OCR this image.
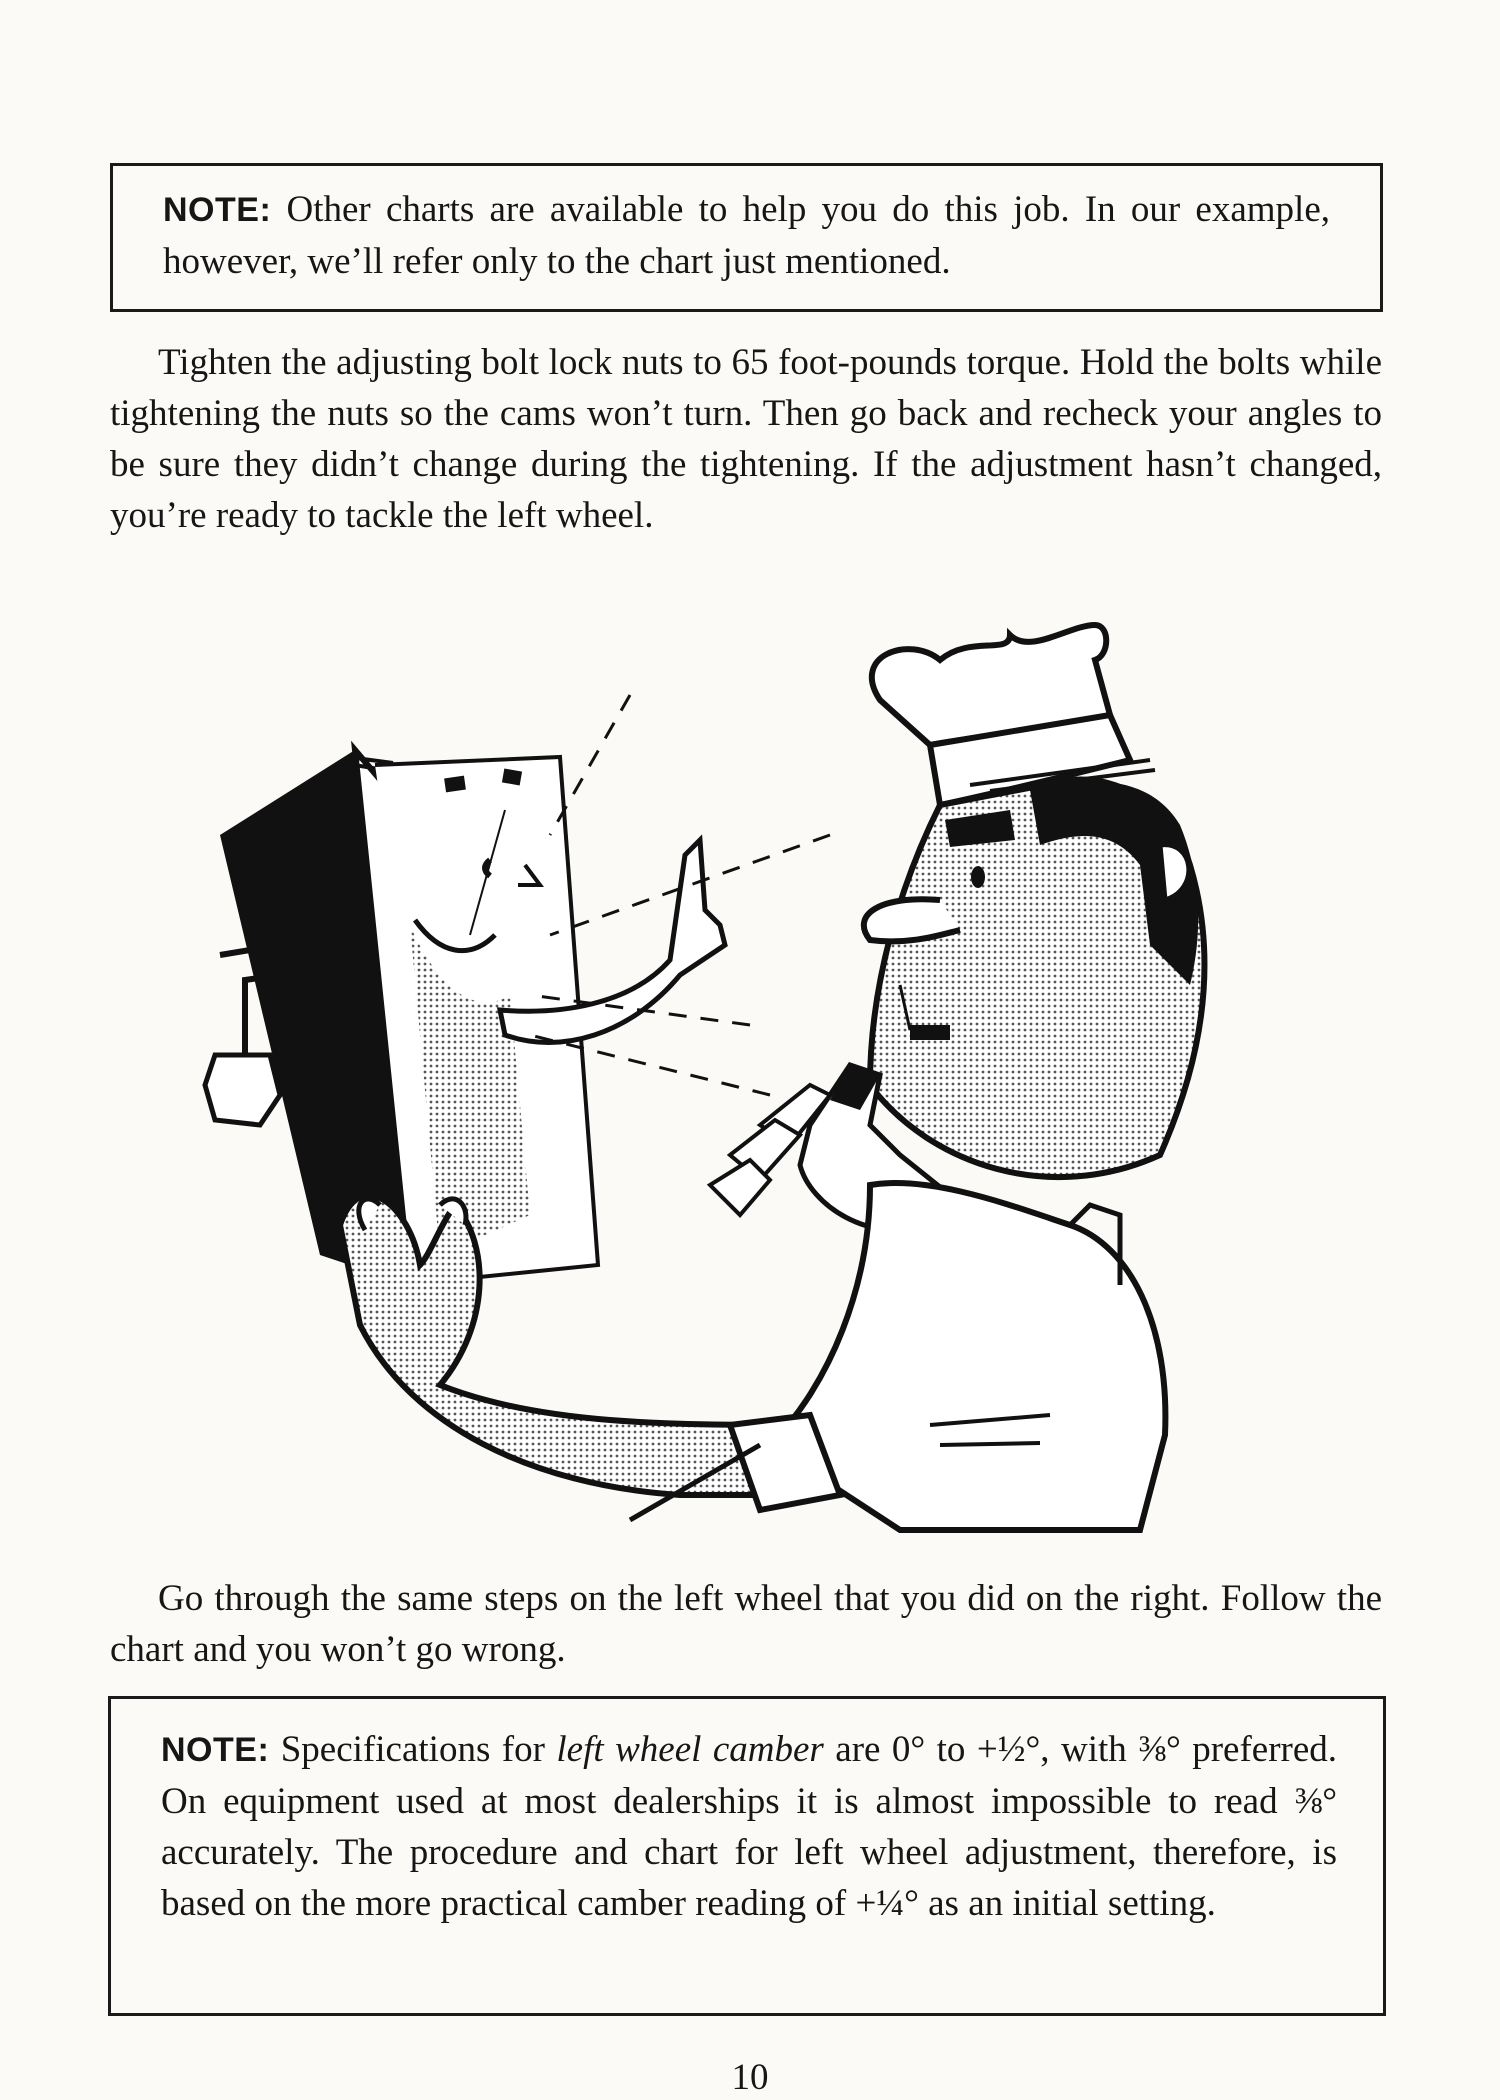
NOTE: Other charts are available to help you do this job. In our example, however, we’ll refer only to the chart just mentioned.

Tighten the adjusting bolt lock nuts to 65 foot-pounds torque. Hold the bolts while tightening the nuts so the cams won’t turn. Then go back and recheck your angles to be sure they didn’t change during the tightening. If the adjustment hasn’t changed, you’re ready to tackle the left wheel.

Go through the same steps on the left wheel that you did on the right. Follow the chart and you won’t go wrong.

NOTE: Specifications for left wheel camber are 0° to +½°, with ⅜° preferred. On equipment used at most dealerships it is almost impossible to read ⅜° accurately. The procedure and chart for left wheel adjustment, therefore, is based on the more practical camber reading of +¼° as an initial setting.

10
